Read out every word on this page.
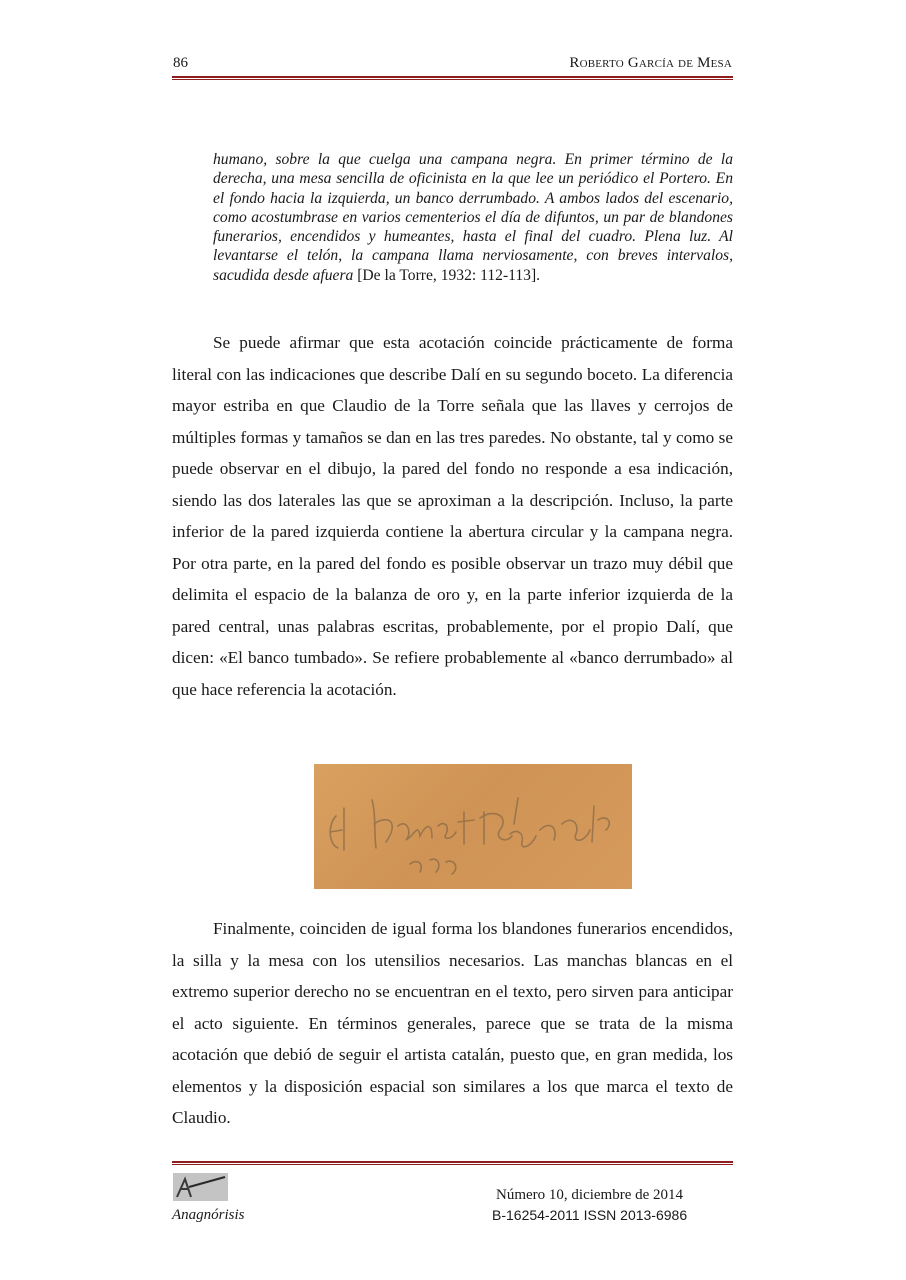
86	Roberto García de Mesa

humano, sobre la que cuelga una campana negra. En primer término de la derecha, una mesa sencilla de oficinista en la que lee un periódico el Portero. En el fondo hacia la izquierda, un banco derrumbado. A ambos lados del escenario, como acostumbrase en varios cementerios el día de difuntos, un par de blandones funerarios, encendidos y humeantes, hasta el final del cuadro. Plena luz. Al levantarse el telón, la campana llama nerviosamente, con breves intervalos, sacudida desde afuera [De la Torre, 1932: 112-113].

Se puede afirmar que esta acotación coincide prácticamente de forma literal con las indicaciones que describe Dalí en su segundo boceto. La diferencia mayor estriba en que Claudio de la Torre señala que las llaves y cerrojos de múltiples formas y tamaños se dan en las tres paredes. No obstante, tal y como se puede observar en el dibujo, la pared del fondo no responde a esa indicación, siendo las dos laterales las que se aproximan a la descripción. Incluso, la parte inferior de la pared izquierda contiene la abertura circular y la campana negra. Por otra parte, en la pared del fondo es posible observar un trazo muy débil que delimita el espacio de la balanza de oro y, en la parte inferior izquierda de la pared central, unas palabras escritas, probablemente, por el propio Dalí, que dicen: «El banco tumbado». Se refiere probablemente al «banco derrumbado» al que hace referencia la acotación.

Finalmente, coinciden de igual forma los blandones funerarios encendidos, la silla y la mesa con los utensilios necesarios. Las manchas blancas en el extremo superior derecho no se encuentran en el texto, pero sirven para anticipar el acto siguiente. En términos generales, parece que se trata de la misma acotación que debió de seguir el artista catalán, puesto que, en gran medida, los elementos y la disposición espacial son similares a los que marca el texto de Claudio.

Anagnórisis
Número 10, diciembre de 2014
B-16254-2011 ISSN 2013-6986
